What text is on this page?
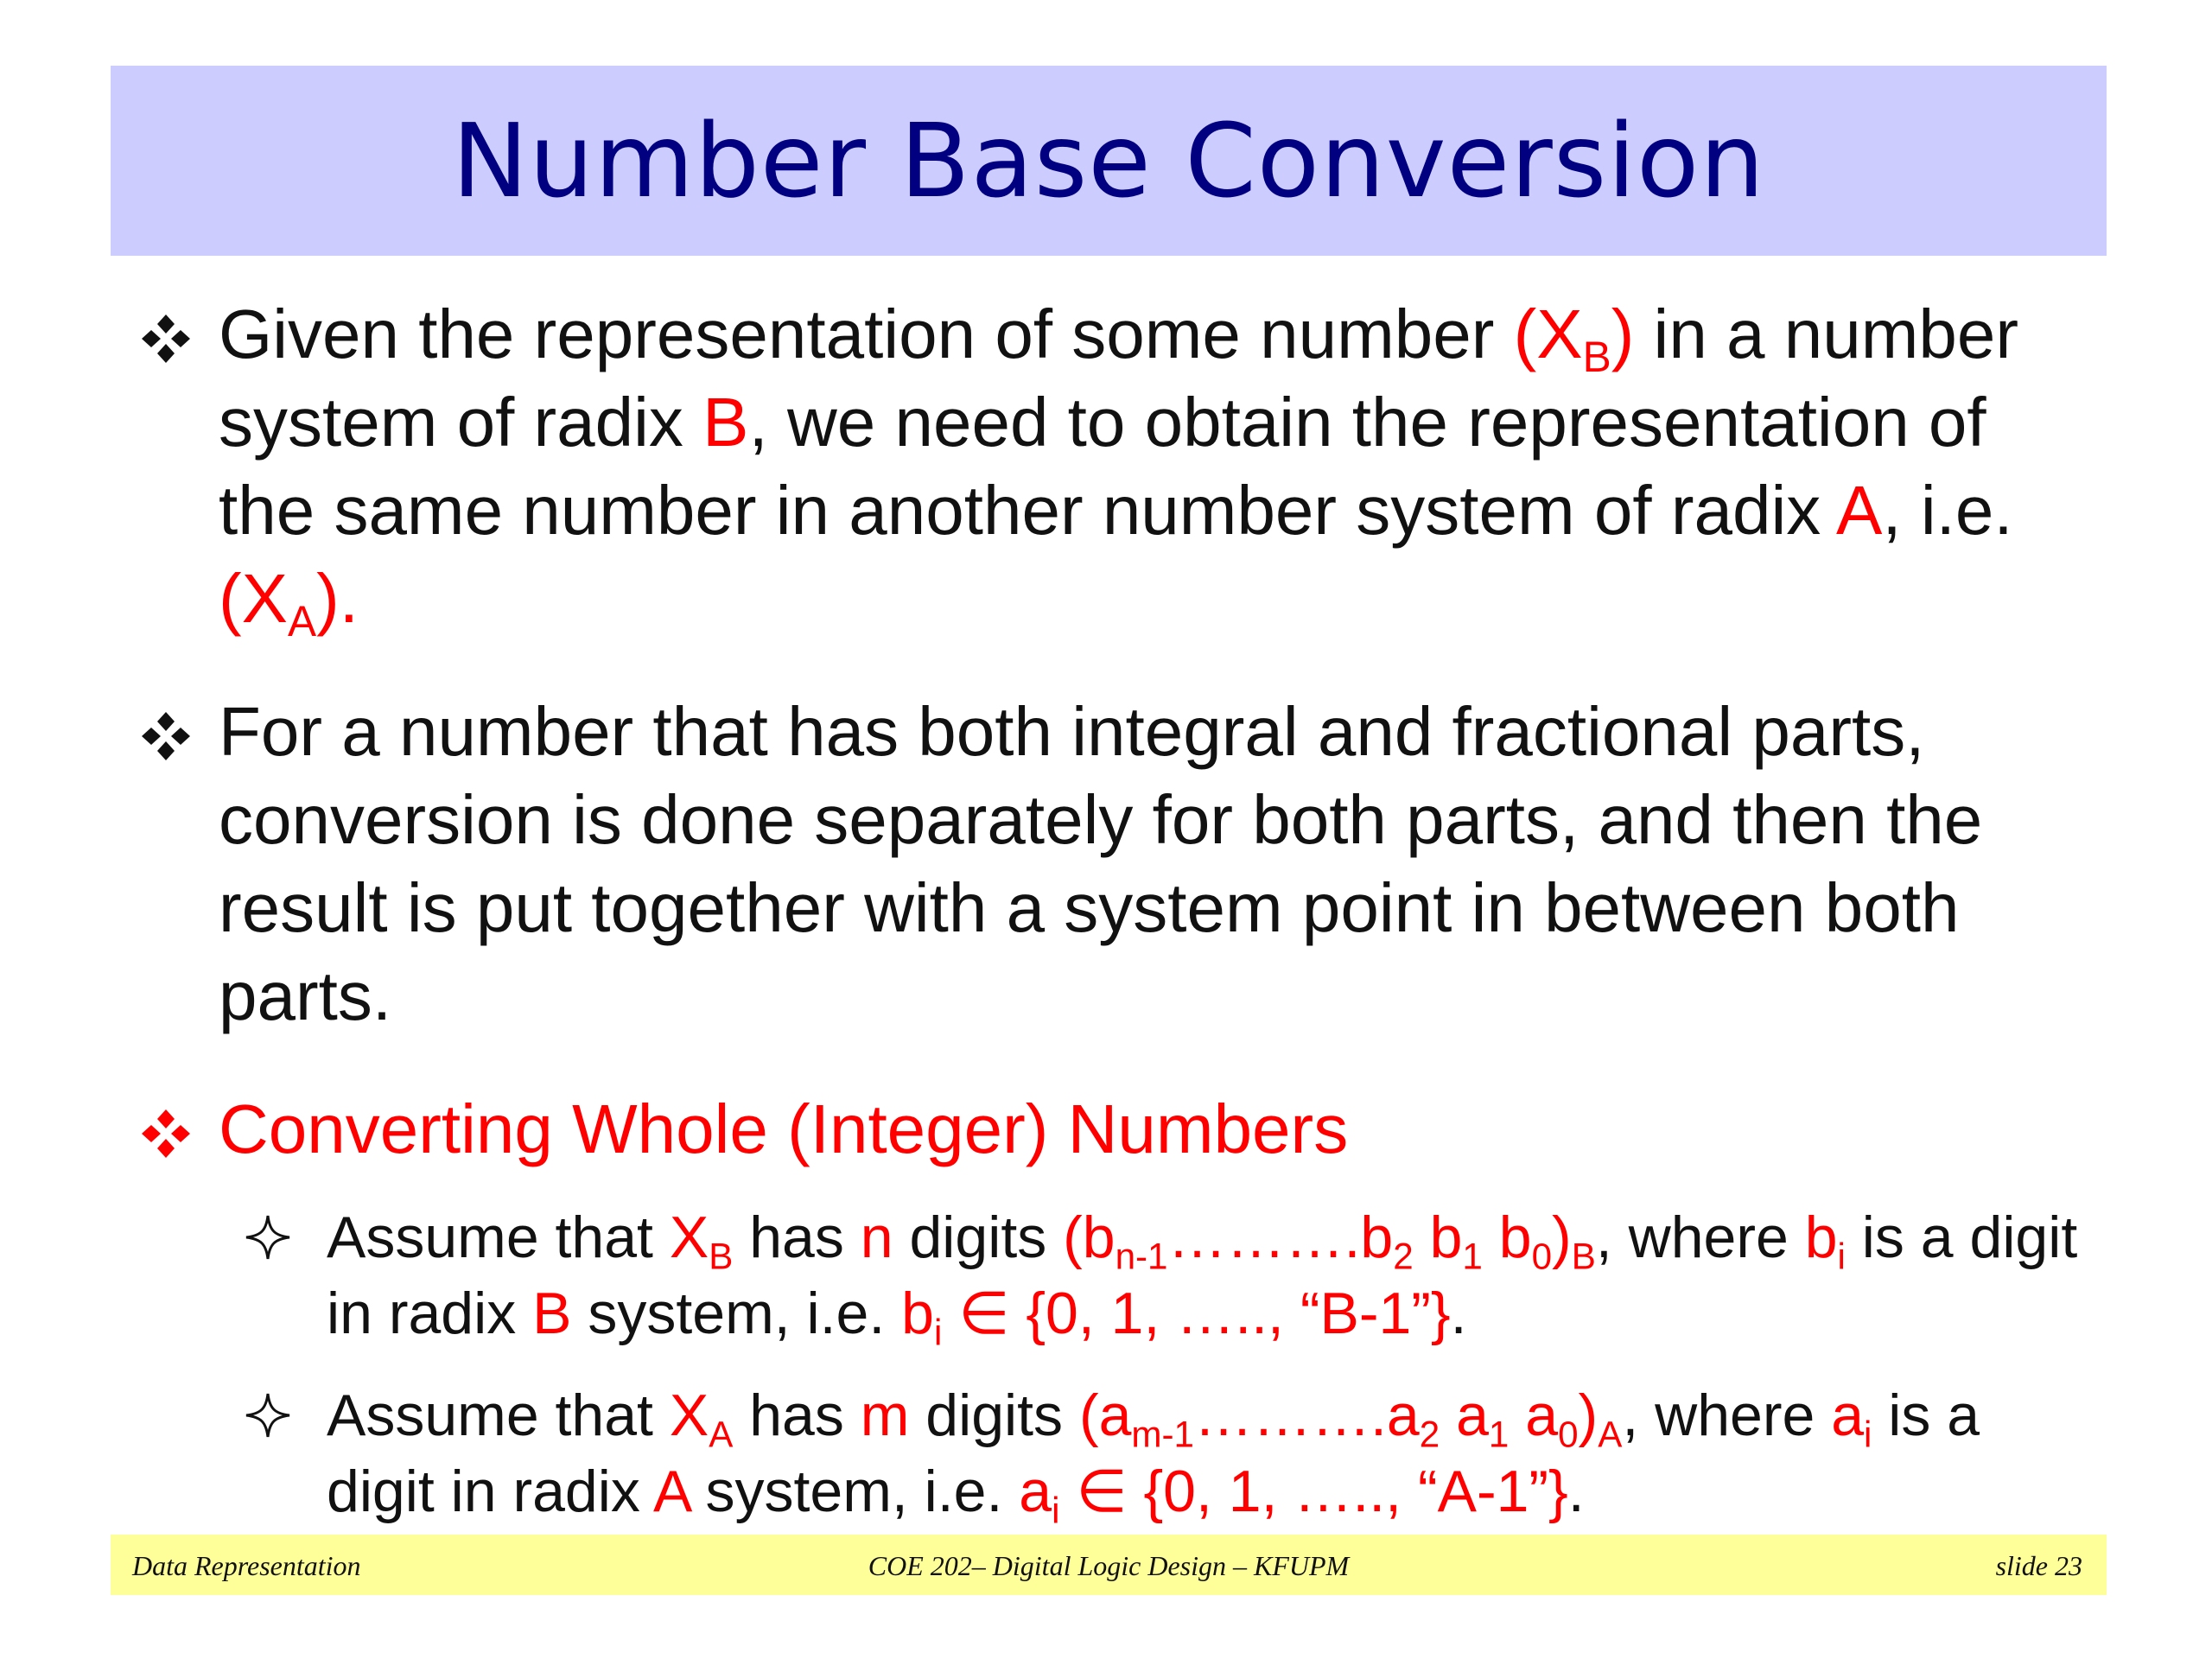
Number Base Conversion
Given the representation of some number $(X_B)$ in a number system of radix B, we need to obtain the representation of the same number in another number system of radix A, i.e. $(X_A)$.
For a number that has both integral and fractional parts, conversion is done separately for both parts, and then the result is put together with a system point in between both parts.
Converting Whole (Integer) Numbers
Assume that $X_B$ has n digits ($b_{n-1}\dots\dots\dots.b_2$ $b_1$ $b_0)_B$, where $b_i$ is a digit in radix B system, i.e. $b_i$ ∈ {0, 1, ….., “B-1”}.
Assume that $X_A$ has m digits ($a_{m-1}\dots\dots\dots.a_2$ $a_1$ $a_0)_A$, where $a_i$ is a digit in radix A system, i.e. $a_i$ ∈ {0, 1, ….., “A-1”}.
Data Representation	COE 202– Digital Logic Design – KFUPM	slide 23
